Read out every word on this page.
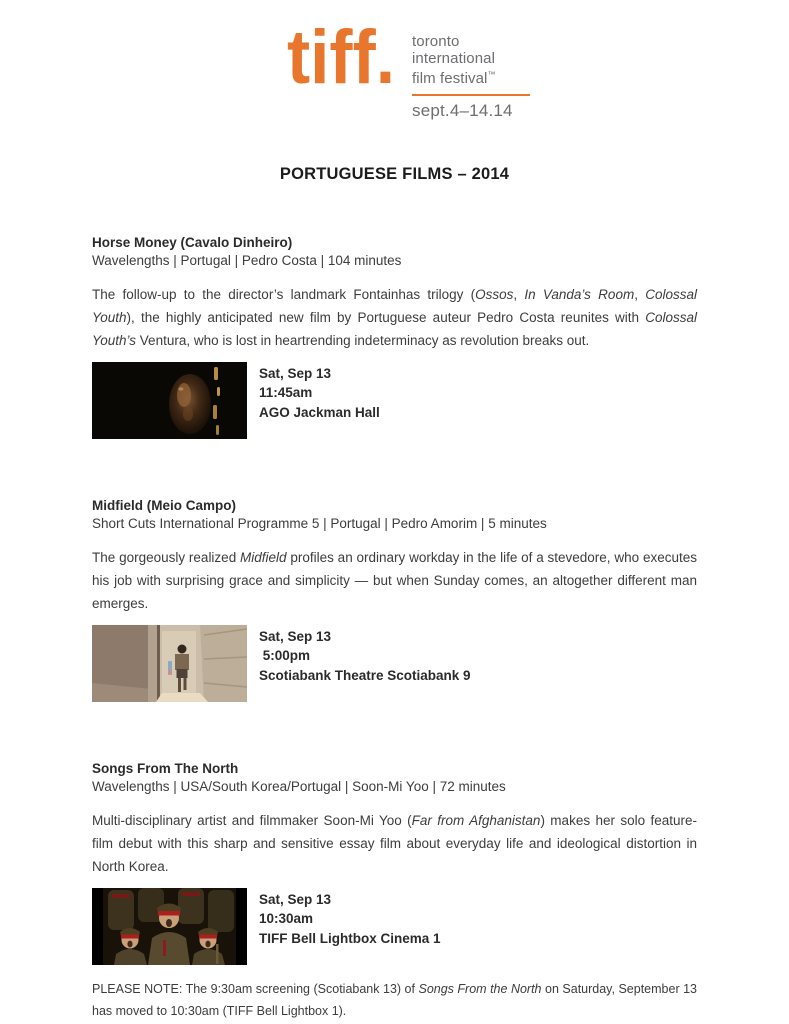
tiff. toronto
international
film festival™
sept.4–14.14
PORTUGUESE FILMS – 2014
Horse Money (Cavalo Dinheiro)
Wavelengths | Portugal | Pedro Costa | 104 minutes

The follow-up to the director’s landmark Fontainhas trilogy (Ossos, In Vanda’s Room, Colossal Youth), the highly anticipated new film by Portuguese auteur Pedro Costa reunites with Colossal Youth’s Ventura, who is lost in heartrending indeterminacy as revolution breaks out.

Sat, Sep 13
11:45am
AGO Jackman Hall
Midfield (Meio Campo)
Short Cuts International Programme 5 | Portugal | Pedro Amorim | 5 minutes

The gorgeously realized Midfield profiles an ordinary workday in the life of a stevedore, who executes his job with surprising grace and simplicity — but when Sunday comes, an altogether different man emerges.

Sat, Sep 13
5:00pm
Scotiabank Theatre Scotiabank 9
Songs From The North
Wavelengths | USA/South Korea/Portugal | Soon-Mi Yoo | 72 minutes

Multi-disciplinary artist and filmmaker Soon-Mi Yoo (Far from Afghanistan) makes her solo feature-film debut with this sharp and sensitive essay film about everyday life and ideological distortion in North Korea.

Sat, Sep 13
10:30am
TIFF Bell Lightbox Cinema 1

PLEASE NOTE: The 9:30am screening (Scotiabank 13) of Songs From the North on Saturday, September 13 has moved to 10:30am (TIFF Bell Lightbox 1).
